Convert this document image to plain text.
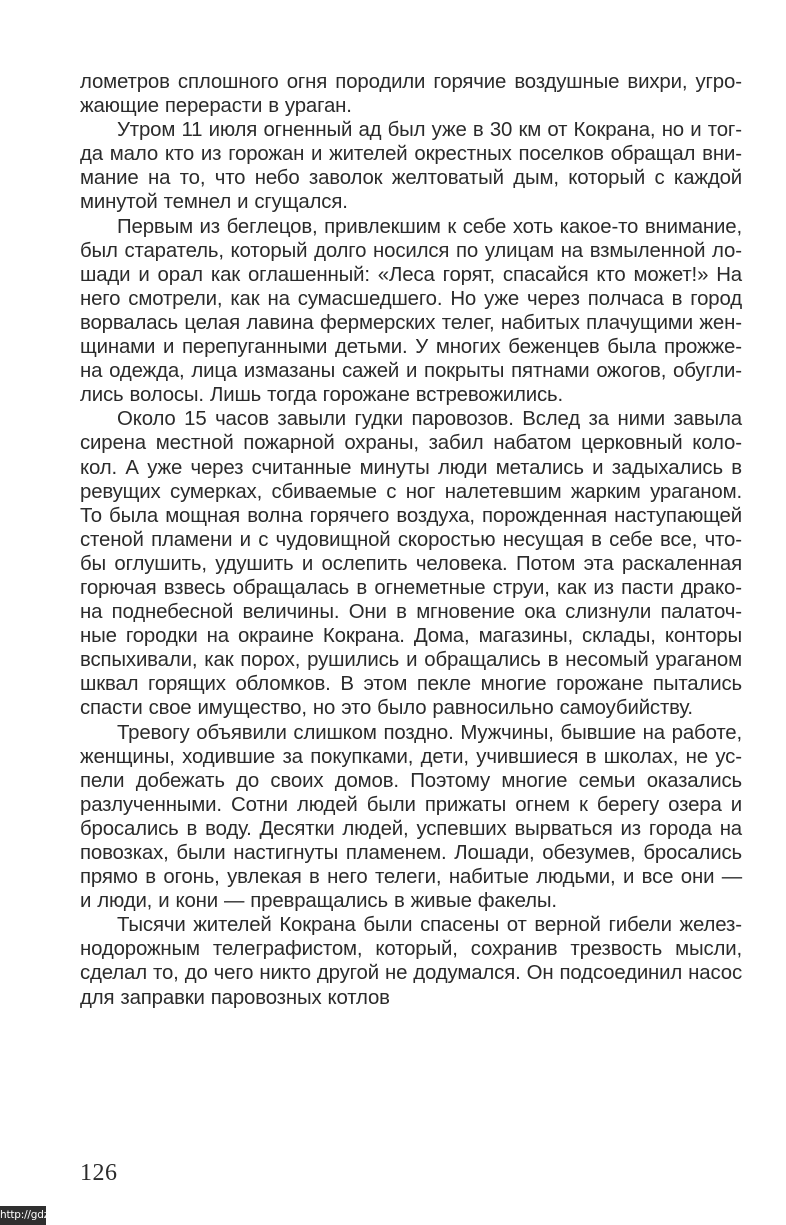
лометров сплошного огня породили горячие воздушные вихри, угрожающие перерасти в ураган.

Утром 11 июля огненный ад был уже в 30 км от Кокрана, но и тогда мало кто из горожан и жителей окрестных поселков обращал внимание на то, что небо заволок желтоватый дым, который с каждой минутой темнел и сгущался.

Первым из беглецов, привлекшим к себе хоть какое-то внимание, был старатель, который долго носился по улицам на взмыленной лошади и орал как оглашенный: «Леса горят, спасайся кто может!» На него смотрели, как на сумасшедшего. Но уже через полчаса в город ворвалась целая лавина фермерских телег, набитых плачущими женщинами и перепуганными детьми. У многих беженцев была прожжена одежда, лица измазаны сажей и покрыты пятнами ожогов, обуглились волосы. Лишь тогда горожане встревожились.

Около 15 часов завыли гудки паровозов. Вслед за ними завыла сирена местной пожарной охраны, забил набатом церковный колокол. А уже через считанные минуты люди метались и задыхались в ревущих сумерках, сбиваемые с ног налетевшим жарким ураганом. То была мощная волна горячего воздуха, порожденная наступающей стеной пламени и с чудовищной скоростью несущая в себе все, чтобы оглушить, удушить и ослепить человека. Потом эта раскаленная горючая взвесь обращалась в огнеметные струи, как из пасти дракона поднебесной величины. Они в мгновение ока слизнули палаточные городки на окраине Кокрана. Дома, магазины, склады, конторы вспыхивали, как порох, рушились и обращались в несомый ураганом шквал горящих обломков. В этом пекле многие горожане пытались спасти свое имущество, но это было равносильно самоубийству.

Тревогу объявили слишком поздно. Мужчины, бывшие на работе, женщины, ходившие за покупками, дети, учившиеся в школах, не успели добежать до своих домов. Поэтому многие семьи оказались разлученными. Сотни людей были прижаты огнем к берегу озера и бросались в воду. Десятки людей, успевших вырваться из города на повозках, были настигнуты пламенем. Лошади, обезумев, бросались прямо в огонь, увлекая в него телеги, набитые людьми, и все они — и люди, и кони — превращались в живые факелы.

Тысячи жителей Кокрана были спасены от верной гибели железнодорожным телеграфистом, который, сохранив трезвость мысли, сделал то, до чего никто другой не додумался. Он подсоединил насос для заправки паровозных котлов

126
http://gdz.wtf
